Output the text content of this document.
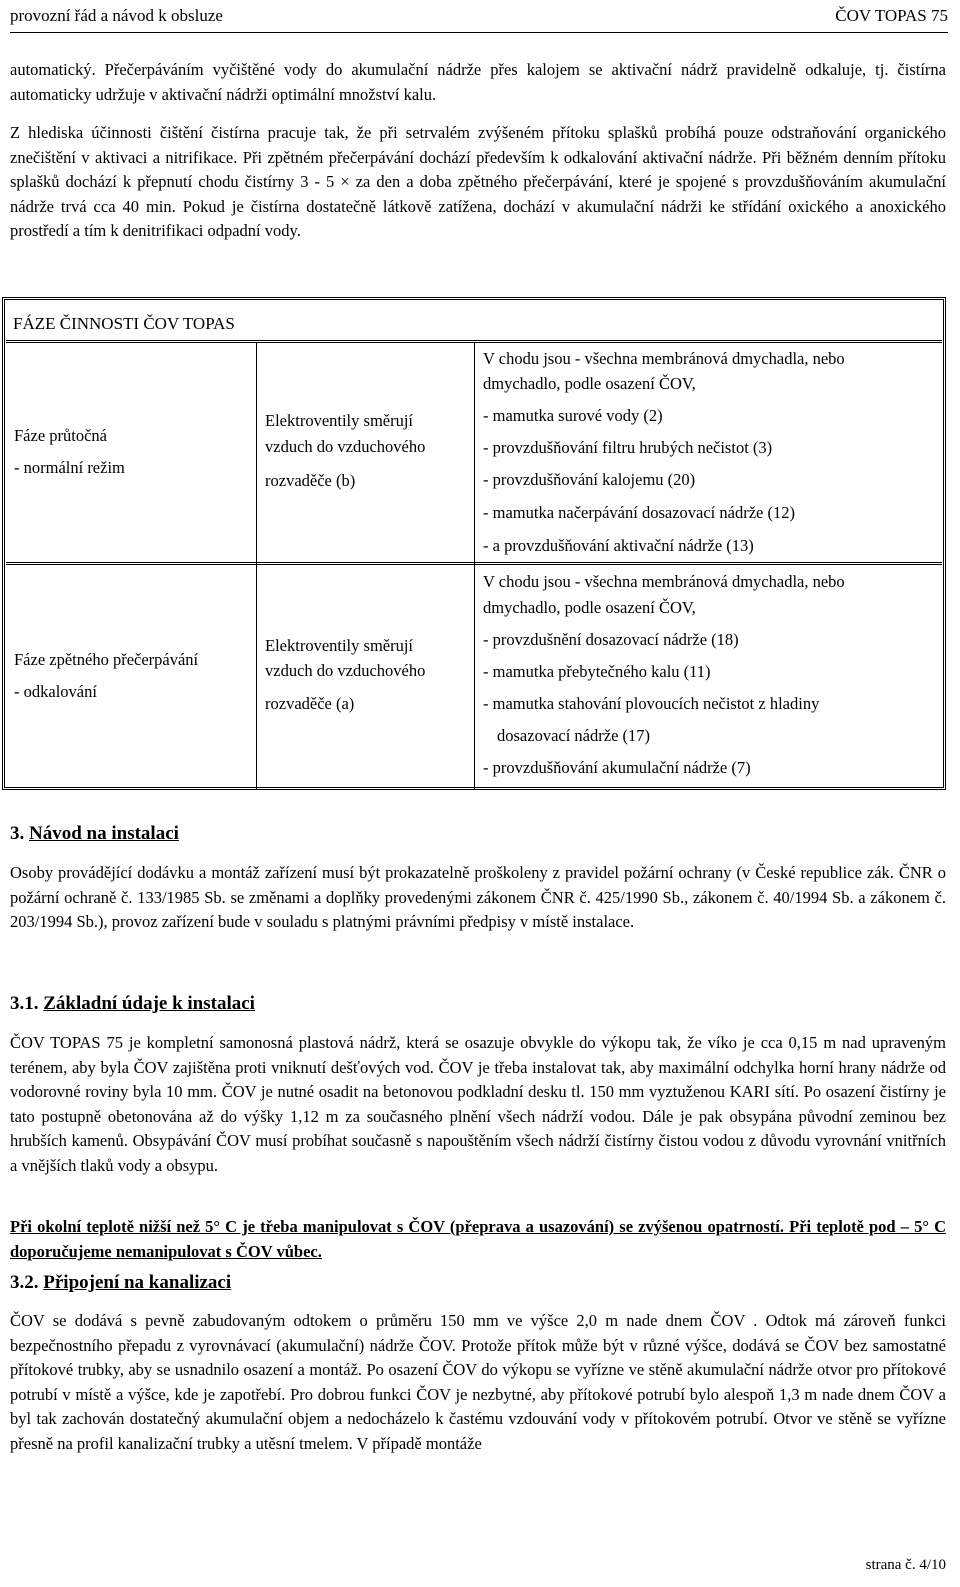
provozní řád a návod k obsluze	ČOV TOPAS 75

automatický. Přečerpáváním vyčištěné vody do akumulační nádrže přes kalojem se aktivační nádrž pravidelně odkaluje, tj. čistírna automaticky udržuje v aktivační nádrži optimální množství kalu.

Z hlediska účinnosti čištění čistírna pracuje tak, že při setrvalém zvýšeném přítoku splašků probíhá pouze odstraňování organického znečištění v aktivaci a nitrifikace. Při zpětném přečerpávání dochází především k odkalování aktivační nádrže. Při běžném denním přítoku splašků dochází k přepnutí chodu čistírny 3 - 5 × za den a doba zpětného přečerpávání, které je spojené s provzdušňováním akumulační nádrže trvá cca 40 min. Pokud je čistírna dostatečně látkově zatížena, dochází v akumulační nádrži ke střídání oxického a anoxického prostředí a tím k denitrifikaci odpadní vody.

FÁZE ČINNOSTI ČOV TOPAS
Fáze průtočná
- normální režim
Elektroventily směrují
vzduch do vzduchového
rozvaděče (b)
V chodu jsou - všechna membránová dmychadla, nebo
dmychadlo, podle osazení ČOV,
- mamutka surové vody (2)
- provzdušňování filtru hrubých nečistot (3)
- provzdušňování kalojemu (20)
- mamutka načerpávání dosazovací nádrže (12)
- a provzdušňování aktivační nádrže (13)
Fáze zpětného přečerpávání
- odkalování
Elektroventily směrují
vzduch do vzduchového
rozvaděče (a)
V chodu jsou - všechna membránová dmychadla, nebo
dmychadlo, podle osazení ČOV,
- provzdušnění dosazovací nádrže (18)
- mamutka přebytečného kalu (11)
- mamutka stahování plovoucích nečistot z hladiny
dosazovací nádrže (17)
- provzdušňování akumulační nádrže (7)
3. Návod na instalaci

Osoby provádějící dodávku a montáž zařízení musí být prokazatelně proškoleny z pravidel požární ochrany (v České republice zák. ČNR o požární ochraně č. 133/1985 Sb. se změnami a doplňky provedenými zákonem ČNR č. 425/1990 Sb., zákonem č. 40/1994 Sb. a zákonem č. 203/1994 Sb.), provoz zařízení bude v souladu s platnými právními předpisy v místě instalace.

3.1. Základní údaje k instalaci

ČOV TOPAS 75 je kompletní samonosná plastová nádrž, která se osazuje obvykle do výkopu tak, že víko je cca 0,15 m nad upraveným terénem, aby byla ČOV zajištěna proti vniknutí dešťových vod. ČOV je třeba instalovat tak, aby maximální odchylka horní hrany nádrže od vodorovné roviny byla 10 mm. ČOV je nutné osadit na betonovou podkladní desku tl. 150 mm vyztuženou KARI sítí. Po osazení čistírny je tato postupně obetonována až do výšky 1,12 m za současného plnění všech nádrží vodou. Dále je pak obsypána původní zeminou bez hrubších kamenů. Obsypávání ČOV musí probíhat současně s napouštěním všech nádrží čistírny čistou vodou z důvodu vyrovnání vnitřních a vnějších tlaků vody a obsypu.

Při okolní teplotě nižší než 5° C je třeba manipulovat s ČOV (přeprava a usazování) se zvýšenou opatrností. Při teplotě pod – 5° C doporučujeme nemanipulovat s ČOV vůbec.

3.2. Připojení na kanalizaci

ČOV se dodává s pevně zabudovaným odtokem o průměru 150 mm ve výšce 2,0 m nade dnem ČOV . Odtok má zároveň funkci bezpečnostního přepadu z vyrovnávací (akumulační) nádrže ČOV. Protože přítok může být v různé výšce, dodává se ČOV bez samostatné přítokové trubky, aby se usnadnilo osazení a montáž. Po osazení ČOV do výkopu se vyřízne ve stěně akumulační nádrže otvor pro přítokové potrubí v místě a výšce, kde je zapotřebí. Pro dobrou funkci ČOV je nezbytné, aby přítokové potrubí bylo alespoň 1,3 m nade dnem ČOV a byl tak zachován dostatečný akumulační objem a nedocházelo k častému vzdouvání vody v přítokovém potrubí. Otvor ve stěně se vyřízne přesně na profil kanalizační trubky a utěsní tmelem. V případě montáže

strana č. 4/10
